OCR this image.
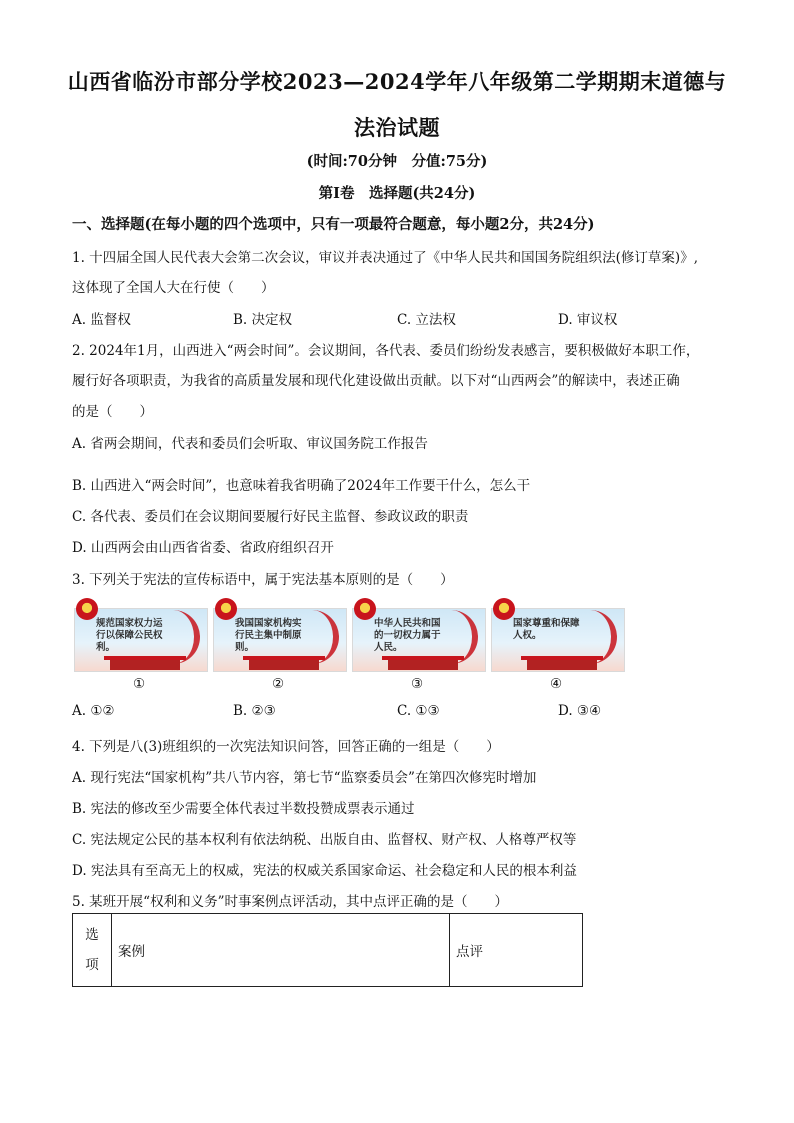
山西省临汾市部分学校2023—2024学年八年级第二学期期末道德与
法治试题
(时间:70分钟　分值:75分)
第Ⅰ卷　选择题(共24分)
一、选择题(在每小题的四个选项中，只有一项最符合题意，每小题2分，共24分)
1. 十四届全国人民代表大会第二次会议，审议并表决通过了《中华人民共和国国务院组织法(修订草案)》,
这体现了全国人大在行使（　　）
A. 监督权	B. 决定权	C. 立法权	D. 审议权
2. 2024年1月，山西进入“两会时间”。会议期间，各代表、委员们纷纷发表感言，要积极做好本职工作，
履行好各项职责，为我省的高质量发展和现代化建设做出贡献。以下对“山西两会”的解读中，表述正确
的是（　　）
A. 省两会期间，代表和委员们会听取、审议国务院工作报告
B. 山西进入“两会时间”，也意味着我省明确了2024年工作要干什么，怎么干
C. 各代表、委员们在会议期间要履行好民主监督、参政议政的职责
D. 山西两会由山西省省委、省政府组织召开
3. 下列关于宪法的宣传标语中，属于宪法基本原则的是（　　）
规范国家权力运行以保障公民权利。
我国国家机构实行民主集中制原则。
中华人民共和国的一切权力属于人民。
国家尊重和保障人权。
①	②	③	④
A. ①②	B. ②③	C. ①③	D. ③④
4. 下列是八(3)班组织的一次宪法知识问答，回答正确的一组是（　　）
A. 现行宪法“国家机构”共八节内容，第七节“监察委员会”在第四次修宪时增加
B. 宪法的修改至少需要全体代表过半数投赞成票表示通过
C. 宪法规定公民的基本权利有依法纳税、出版自由、监督权、财产权、人格尊严权等
D. 宪法具有至高无上的权威，宪法的权威关系国家命运、社会稳定和人民的根本利益
5. 某班开展“权利和义务”时事案例点评活动，其中点评正确的是（　　）
选
项
	案例	点评
